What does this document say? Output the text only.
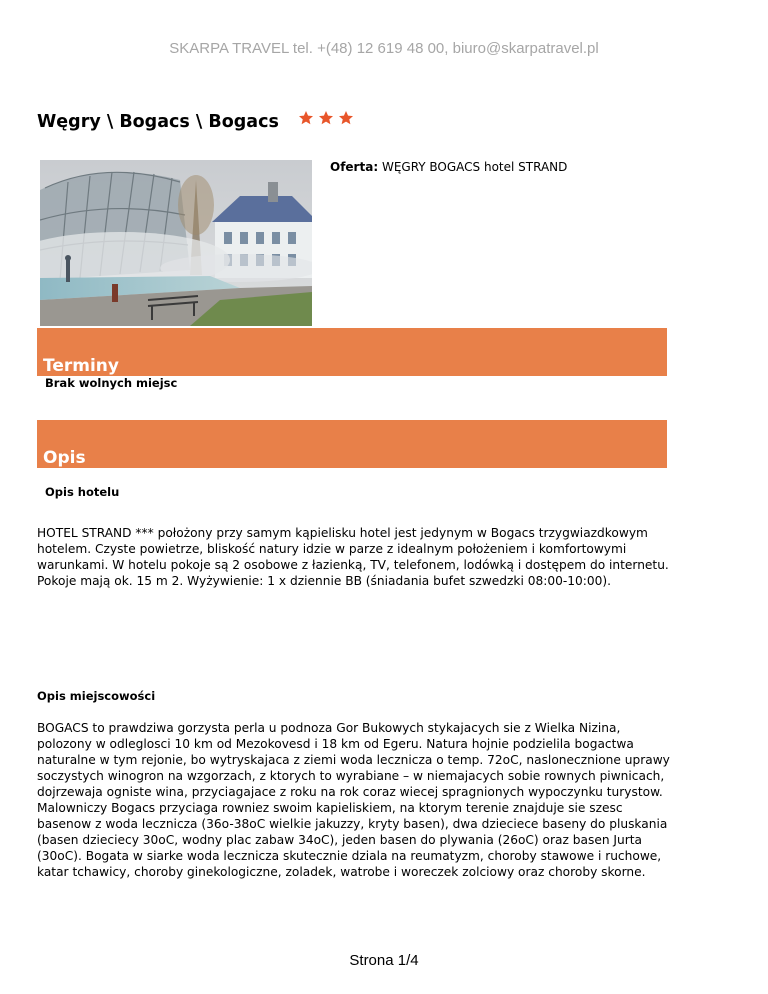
SKARPA TRAVEL tel. +(48) 12 619 48 00, biuro@skarpatravel.pl
Węgry \ Bogacs \ Bogacs
Oferta: WĘGRY BOGACS hotel STRAND
Terminy
Brak wolnych miejsc
Opis
Opis hotelu
HOTEL STRAND *** położony przy samym kąpielisku hotel jest jedynym w Bogacs trzygwiazdkowym hotelem. Czyste powietrze, bliskość natury idzie w parze z idealnym położeniem i komfortowymi warunkami. W hotelu pokoje są 2 osobowe z łazienką, TV, telefonem, lodówką i dostępem do internetu. Pokoje mają ok. 15 m 2. Wyżywienie: 1 x dziennie BB (śniadania bufet szwedzki 08:00-10:00).
Opis miejscowości
BOGACS to prawdziwa gorzysta perla u podnoza Gor Bukowych stykajacych sie z Wielka Nizina, polozony w odleglosci 10 km od Mezokovesd i 18 km od Egeru. Natura hojnie podzielila bogactwa naturalne w tym rejonie, bo wytryskajaca z ziemi woda lecznicza o temp. 72oC, naslonecznione uprawy soczystych winogron na wzgorzach, z ktorych to wyrabiane – w niemajacych sobie rownych piwnicach, dojrzewaja ogniste wina, przyciagajace z roku na rok coraz wiecej spragnionych wypoczynku turystow. Malowniczy Bogacs przyciaga rowniez swoim kapieliskiem, na ktorym terenie znajduje sie szesc basenow z woda lecznicza (36o-38oC wielkie jakuzzy, kryty basen), dwa dzieciece baseny do pluskania (basen dzieciecy 30oC, wodny plac zabaw 34oC), jeden basen do plywania (26oC) oraz basen Jurta (30oC). Bogata w siarke woda lecznicza skutecznie dziala na reumatyzm, choroby stawowe i ruchowe, katar tchawicy, choroby ginekologiczne, zoladek, watrobe i woreczek zolciowy oraz choroby skorne.
Strona 1/4
